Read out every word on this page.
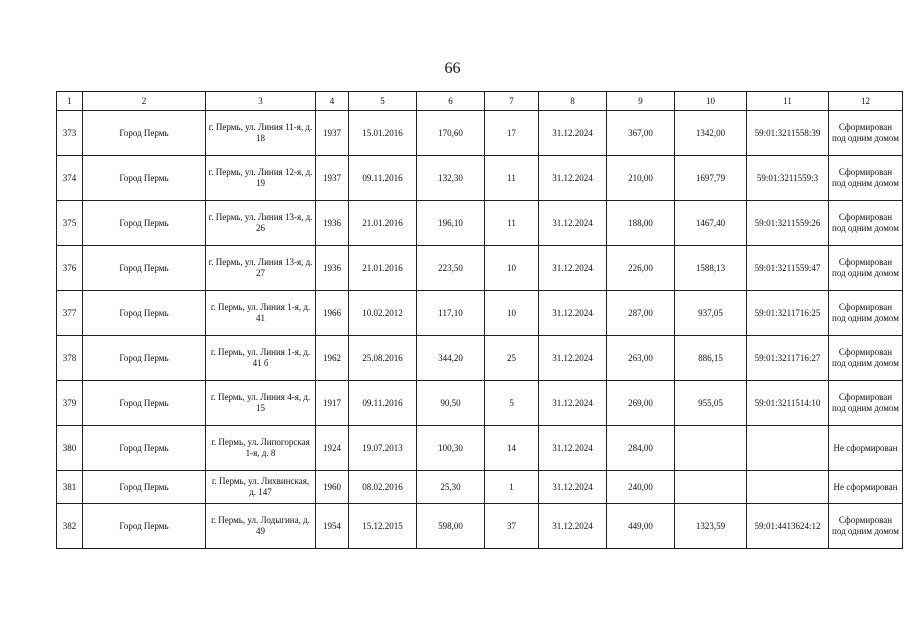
66
1	2	3	4	5	6	7	8	9	10	11	12
373	Город Пермь	г. Пермь, ул. Линия 11-я, д. 18	1937	15.01.2016	170,60	17	31.12.2024	367,00	1342,00	59:01:3211558:39	Сформирован под одним домом
374	Город Пермь	г. Пермь, ул. Линия 12-я, д. 19	1937	09.11.2016	132,30	11	31.12.2024	210,00	1697,79	59:01:3211559:3	Сформирован под одним домом
375	Город Пермь	г. Пермь, ул. Линия 13-я, д. 26	1936	21.01.2016	196,10	11	31.12.2024	188,00	1467,40	59:01:3211559:26	Сформирован под одним домом
376	Город Пермь	г. Пермь, ул. Линия 13-я, д. 27	1936	21.01.2016	223,50	10	31.12.2024	226,00	1588,13	59:01:3211559:47	Сформирован под одним домом
377	Город Пермь	г. Пермь, ул. Линия 1-я, д. 41	1966	10.02.2012	117,10	10	31.12.2024	287,00	937,05	59:01:3211716:25	Сформирован под одним домом
378	Город Пермь	г. Пермь, ул. Линия 1-я, д. 41 б	1962	25.08.2016	344,20	25	31.12.2024	263,00	886,15	59:01:3211716:27	Сформирован под одним домом
379	Город Пермь	г. Пермь, ул. Линия 4-я, д. 15	1917	09.11.2016	90,50	5	31.12.2024	269,00	955,05	59:01:3211514:10	Сформирован под одним домом
380	Город Пермь	г. Пермь, ул. Липогорская 1-я, д. 8	1924	19.07.2013	100,30	14	31.12.2024	284,00			Не сформирован
381	Город Пермь	г. Пермь, ул. Лихвинская, д. 147	1960	08.02.2016	25,30	1	31.12.2024	240,00			Не сформирован
382	Город Пермь	г. Пермь, ул. Лодыгина, д. 49	1954	15.12.2015	598,00	37	31.12.2024	449,00	1323,59	59:01:4413624:12	Сформирован под одним домом
